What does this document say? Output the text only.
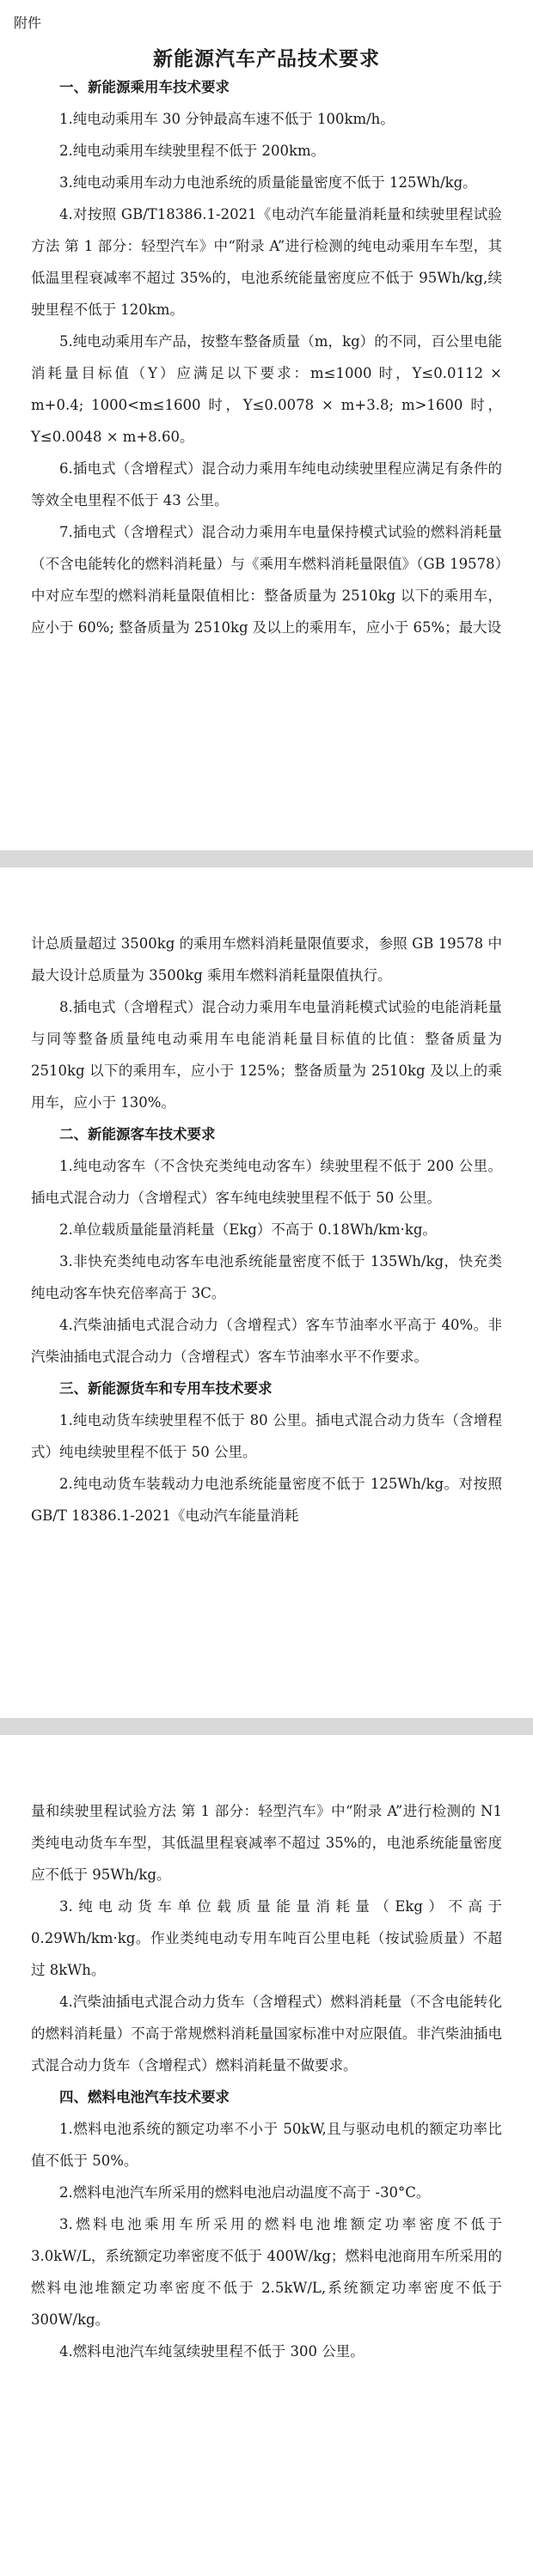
附件
新能源汽车产品技术要求

一、新能源乘用车技术要求

1.纯电动乘用车 30 分钟最高车速不低于 100km/h。

2.纯电动乘用车续驶里程不低于 200km。

3.纯电动乘用车动力电池系统的质量能量密度不低于 125Wh/kg。

4.对按照 GB/T18386.1-2021《电动汽车能量消耗量和续驶里程试验方法 第 1 部分：轻型汽车》中“附录 A”进行检测的纯电动乘用车车型，其低温里程衰减率不超过 35%的，电池系统能量密度应不低于 95Wh/kg,续驶里程不低于 120km。

5.纯电动乘用车产品，按整车整备质量（m，kg）的不同，百公里电能消耗量目标值（Y）应满足以下要求：m≤1000 时，Y≤0.0112 × m+0.4; 1000<m≤1600 时，Y≤0.0078 × m+3.8; m>1600 时，Y≤0.0048 × m+8.60。

6.插电式（含增程式）混合动力乘用车纯电动续驶里程应满足有条件的等效全电里程不低于 43 公里。

7.插电式（含增程式）混合动力乘用车电量保持模式试验的燃料消耗量（不含电能转化的燃料消耗量）与《乘用车燃料消耗量限值》（GB 19578）中对应车型的燃料消耗量限值相比：整备质量为 2510kg 以下的乘用车，应小于 60%; 整备质量为 2510kg 及以上的乘用车，应小于 65%；最大设

计总质量超过 3500kg 的乘用车燃料消耗量限值要求，参照 GB 19578 中最大设计总质量为 3500kg 乘用车燃料消耗量限值执行。

8.插电式（含增程式）混合动力乘用车电量消耗模式试验的电能消耗量与同等整备质量纯电动乘用车电能消耗量目标值的比值：整备质量为 2510kg 以下的乘用车，应小于 125%；整备质量为 2510kg 及以上的乘用车，应小于 130%。

二、新能源客车技术要求

1.纯电动客车（不含快充类纯电动客车）续驶里程不低于 200 公里。插电式混合动力（含增程式）客车纯电续驶里程不低于 50 公里。

2.单位载质量能量消耗量（Ekg）不高于 0.18Wh/km·kg。

3.非快充类纯电动客车电池系统能量密度不低于 135Wh/kg，快充类纯电动客车快充倍率高于 3C。

4.汽柴油插电式混合动力（含增程式）客车节油率水平高于 40%。非汽柴油插电式混合动力（含增程式）客车节油率水平不作要求。

三、新能源货车和专用车技术要求

1.纯电动货车续驶里程不低于 80 公里。插电式混合动力货车（含增程式）纯电续驶里程不低于 50 公里。

2.纯电动货车装载动力电池系统能量密度不低于 125Wh/kg。对按照 GB/T 18386.1-2021《电动汽车能量消耗

量和续驶里程试验方法 第 1 部分：轻型汽车》中“附录 A”进行检测的 N1 类纯电动货车车型，其低温里程衰减率不超过 35%的，电池系统能量密度应不低于 95Wh/kg。

3.纯电动货车单位载质量能量消耗量（Ekg）不高于 0.29Wh/km·kg。作业类纯电动专用车吨百公里电耗（按试验质量）不超过 8kWh。

4.汽柴油插电式混合动力货车（含增程式）燃料消耗量（不含电能转化的燃料消耗量）不高于常规燃料消耗量国家标准中对应限值。非汽柴油插电式混合动力货车（含增程式）燃料消耗量不做要求。

四、燃料电池汽车技术要求

1.燃料电池系统的额定功率不小于 50kW,且与驱动电机的额定功率比值不低于 50%。

2.燃料电池汽车所采用的燃料电池启动温度不高于 -30°C。

3.燃料电池乘用车所采用的燃料电池堆额定功率密度不低于 3.0kW/L，系统额定功率密度不低于 400W/kg；燃料电池商用车所采用的燃料电池堆额定功率密度不低于 2.5kW/L,系统额定功率密度不低于 300W/kg。

4.燃料电池汽车纯氢续驶里程不低于 300 公里。
